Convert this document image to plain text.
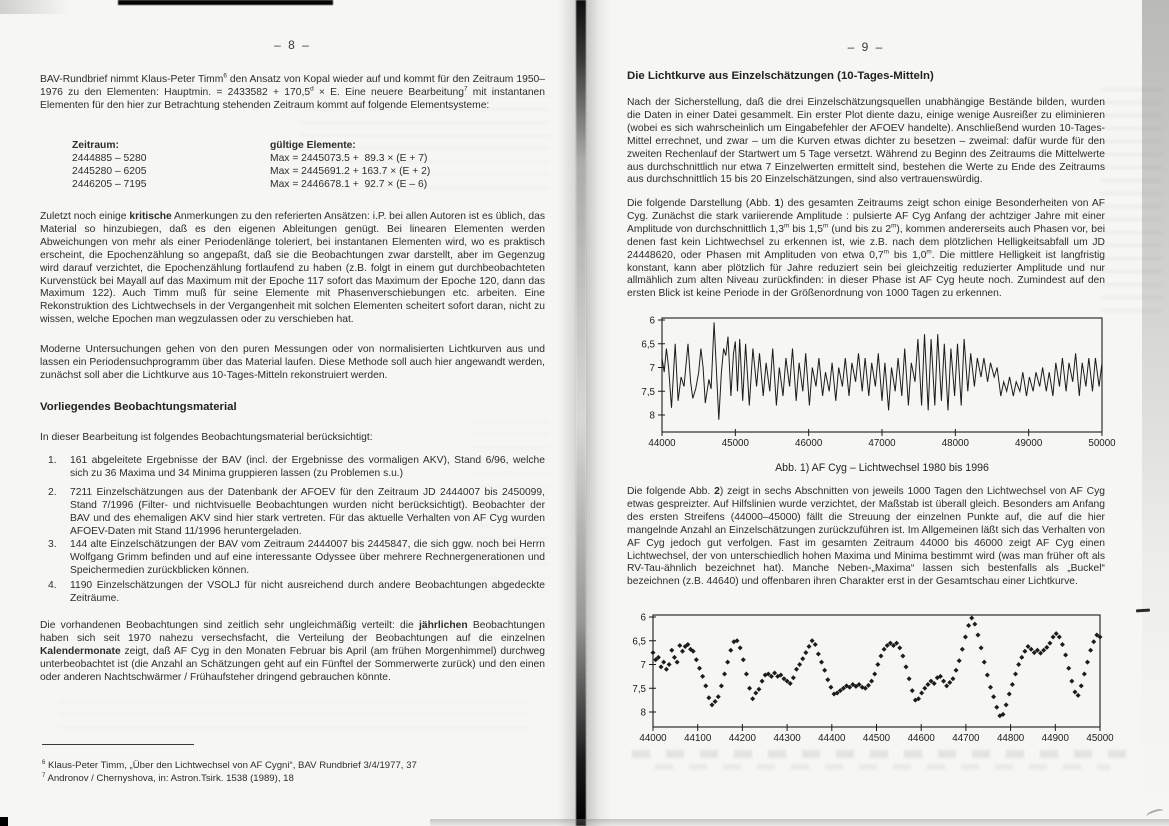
– 8 –

BAV-Rundbrief nimmt Klaus-Peter Timm$^6$ den Ansatz von Kopal wieder auf und kommt für den Zeitraum 1950–1976 zu den Elementen: Hauptmin. = 2433582 + 170,5$^d$ × E. Eine neuere Bearbeitung$^7$ mit instantanen Elementen für den hier zur Betrachtung stehenden Zeitraum kommt auf folgende Elementsysteme:

Zeitraum:	gültige Elemente:
2444885 – 5280	Max = 2445073.5 +  89.3 × (E + 7)
2445280 – 6205	Max = 2445691.2 + 163.7 × (E + 2)
2446205 – 7195	Max = 2446678.1 +  92.7 × (E – 6)

Zuletzt noch einige kritische Anmerkungen zu den referierten Ansätzen: i.P. bei allen Autoren ist es üblich, das Material so hinzubiegen, daß es den eigenen Ableitungen genügt. Bei linearen Elementen werden Abweichungen von mehr als einer Periodenlänge toleriert, bei instantanen Elementen wird, wo es praktisch erscheint, die Epochenzählung so angepaßt, daß sie die Beobachtungen zwar darstellt, aber im Gegenzug wird darauf verzichtet, die Epochenzählung fortlaufend zu haben (z.B. folgt in einem gut durchbeobachteten Kurvenstück bei Mayall auf das Maximum mit der Epoche 117 sofort das Maximum der Epoche 120, dann das Maximum 122). Auch Timm muß für seine Elemente mit Phasenverschiebungen etc. arbeiten. Eine Rekonstruktion des Lichtwechsels in der Vergangenheit mit solchen Elementen scheitert sofort daran, nicht zu wissen, welche Epochen man wegzulassen oder zu verschieben hat.

Moderne Untersuchungen gehen von den puren Messungen oder von normalisierten Lichtkurven aus und lassen ein Periodensuchprogramm über das Material laufen. Diese Methode soll auch hier angewandt werden, zunächst soll aber die Lichtkurve aus 10-Tages-Mitteln rekonstruiert werden.

Vorliegendes Beobachtungsmaterial

In dieser Bearbeitung ist folgendes Beobachtungsmaterial berücksichtigt:

1.	161 abgeleitete Ergebnisse der BAV (incl. der Ergebnisse des vormaligen AKV), Stand 6/96, welche sich zu 36 Maxima und 34 Minima gruppieren lassen (zu Problemen s.u.)
2.	7211 Einzelschätzungen aus der Datenbank der AFOEV für den Zeitraum JD 2444007 bis 2450099, Stand 7/1996 (Filter- und nichtvisuelle Beobachtungen wurden nicht berücksichtigt). Beobachter der BAV und des ehemaligen AKV sind hier stark vertreten. Für das aktuelle Verhalten von AF Cyg wurden AFOEV-Daten mit Stand 11/1996 heruntergeladen.
3.	144 alte Einzelschätzungen der BAV vom Zeitraum 2444007 bis 2445847, die sich ggw. noch bei Herrn Wolfgang Grimm befinden und auf eine interessante Odyssee über mehrere Rechnergenerationen und Speichermedien zurückblicken können.
4.	1190 Einzelschätzungen der VSOLJ für nicht ausreichend durch andere Beobachtungen abgedeckte Zeiträume.

Die vorhandenen Beobachtungen sind zeitlich sehr ungleichmäßig verteilt: die jährlichen Beobachtungen haben sich seit 1970 nahezu versechsfacht, die Verteilung der Beobachtungen auf die einzelnen Kalendermonate zeigt, daß AF Cyg in den Monaten Februar bis April (am frühen Morgenhimmel) durchweg unterbeobachtet ist (die Anzahl an Schätzungen geht auf ein Fünftel der Sommerwerte zurück) und den einen oder anderen Nachtschwärmer / Frühaufsteher dringend gebrauchen könnte.

$^6$ Klaus-Peter Timm, „Über den Lichtwechsel von AF Cygni“, BAV Rundbrief 3/4/1977, 37

$^7$ Andronov / Chernyshova, in: Astron.Tsirk. 1538 (1989), 18

– 9 –
Die Lichtkurve aus Einzelschätzungen (10-Tages-Mitteln)

Nach der Sicherstellung, daß die drei Einzelschätzungsquellen unabhängige Bestände bilden, wurden die Daten in einer Datei gesammelt. Ein erster Plot diente dazu, einige wenige Ausreißer zu eliminieren (wobei es sich wahrscheinlich um Eingabefehler der AFOEV handelte). Anschließend wurden 10-Tages-Mittel errechnet, und zwar – um die Kurven etwas dichter zu besetzen – zweimal: dafür wurde für den zweiten Rechenlauf der Startwert um 5 Tage versetzt. Während zu Beginn des Zeitraums die Mittelwerte aus durchschnittlich nur etwa 7 Einzelwerten ermittelt sind, bestehen die Werte zu Ende des Zeitraums aus durchschnittlich 15 bis 20 Einzelschätzungen, sind also vertrauenswürdig.

Die folgende Darstellung (Abb. 1) des gesamten Zeitraums zeigt schon einige Besonderheiten von AF Cyg. Zunächst die stark variierende Amplitude : pulsierte AF Cyg Anfang der achtziger Jahre mit einer Amplitude von durchschnittlich 1,3$^m$ bis 1,5$^m$ (und bis zu 2$^m$), kommen andererseits auch Phasen vor, bei denen fast kein Lichtwechsel zu erkennen ist, wie z.B. nach dem plötzlichen Helligkeitsabfall um JD 24448620, oder Phasen mit Amplituden von etwa 0,7$^m$ bis 1,0$^m$. Die mittlere Helligkeit ist langfristig konstant, kann aber plötzlich für Jahre reduziert sein bei gleichzeitig reduzierter Amplitude und nur allmählich zum alten Niveau zurückfinden: in dieser Phase ist AF Cyg heute noch. Zumindest auf den ersten Blick ist keine Periode in der Größenordnung von 1000 Tagen zu erkennen.

44000	45000	46000	47000	48000	49000	50000
6
6,5
7
7,5
8
Abb. 1) AF Cyg – Lichtwechsel 1980 bis 1996

Die folgende Abb. 2) zeigt in sechs Abschnitten von jeweils 1000 Tagen den Lichtwechsel von AF Cyg etwas gespreizter. Auf Hilfslinien wurde verzichtet, der Maßstab ist überall gleich. Besonders am Anfang des ersten Streifens (44000–45000) fällt die Streuung der einzelnen Punkte auf, die auf die hier mangelnde Anzahl an Einzelschätzungen zurückzuführen ist. Im Allgemeinen läßt sich das Verhalten von AF Cyg jedoch gut verfolgen. Fast im gesamten Zeitraum 44000 bis 46000 zeigt AF Cyg einen Lichtwechsel, der von unterschiedlich hohen Maxima und Minima bestimmt wird (was man früher oft als RV-Tau-ähnlich bezeichnet hat). Manche Neben-„Maxima“ lassen sich bestenfalls als „Buckel“ bezeichnen (z.B. 44640) und offenbaren ihren Charakter erst in der Gesamtschau einer Lichtkurve.

44000 44100 44200 44300 44400 44500 44600 44700 44800 44900 45000
6
6,5
7
7,5
8
